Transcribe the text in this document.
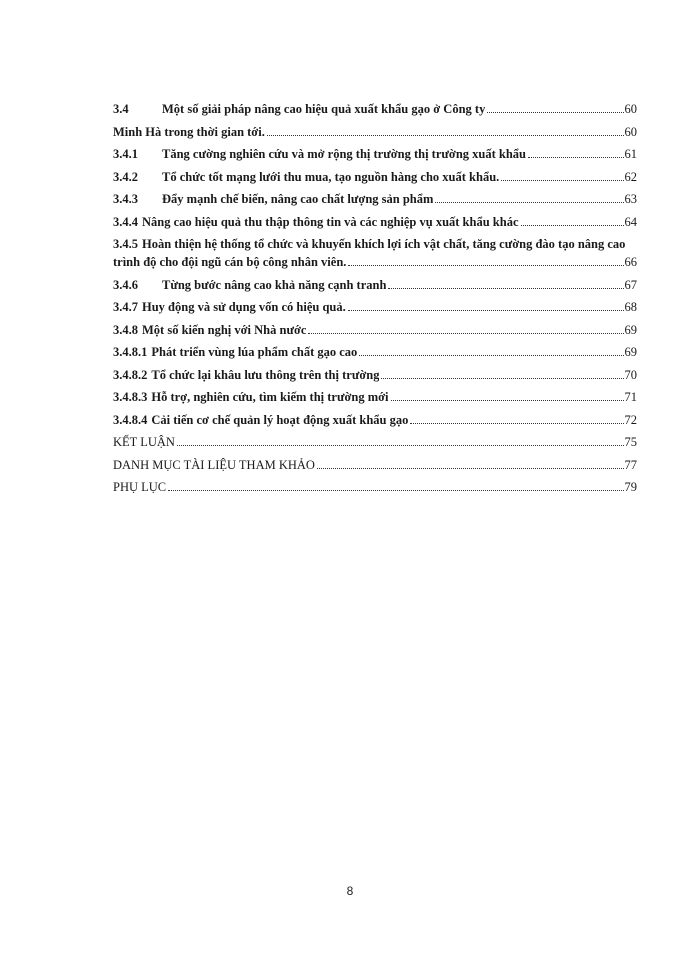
3.4	Một số giải pháp nâng cao hiệu quả xuất khẩu gạo ở Công ty	60
Minh Hà trong thời gian tới.	60
3.4.1	Tăng cường nghiên cứu và mở rộng thị trường thị trường xuất khẩu	61
3.4.2	Tổ chức tốt mạng lưới thu mua, tạo nguồn hàng cho xuất khẩu.	62
3.4.3	Đẩy mạnh chế biến, nâng cao chất lượng sản phẩm	63
3.4.4 Nâng cao hiệu quả thu thập thông tin và các nghiệp vụ xuất khẩu khác	64
3.4.5 Hoàn thiện hệ thống tổ chức và khuyến khích lợi ích vật chất, tăng cường đào tạo nâng cao
trình độ cho đội ngũ cán bộ công nhân viên.	66
3.4.6	Từng bước nâng cao khả năng cạnh tranh	67
3.4.7 Huy động và sử dụng vốn có hiệu quả.	68
3.4.8 Một số kiến nghị với Nhà nước	69
3.4.8.1 Phát triển vùng lúa phẩm chất gạo cao	69
3.4.8.2 Tổ chức lại khâu lưu thông trên thị trường	70
3.4.8.3 Hỗ trợ, nghiên cứu, tìm kiếm thị trường mới	71
3.4.8.4 Cải tiến cơ chế quản lý hoạt động xuất khẩu gạo	72
KẾT LUẬN	75
DANH MỤC TÀI LIỆU THAM KHẢO	77
PHỤ LỤC	79
8
